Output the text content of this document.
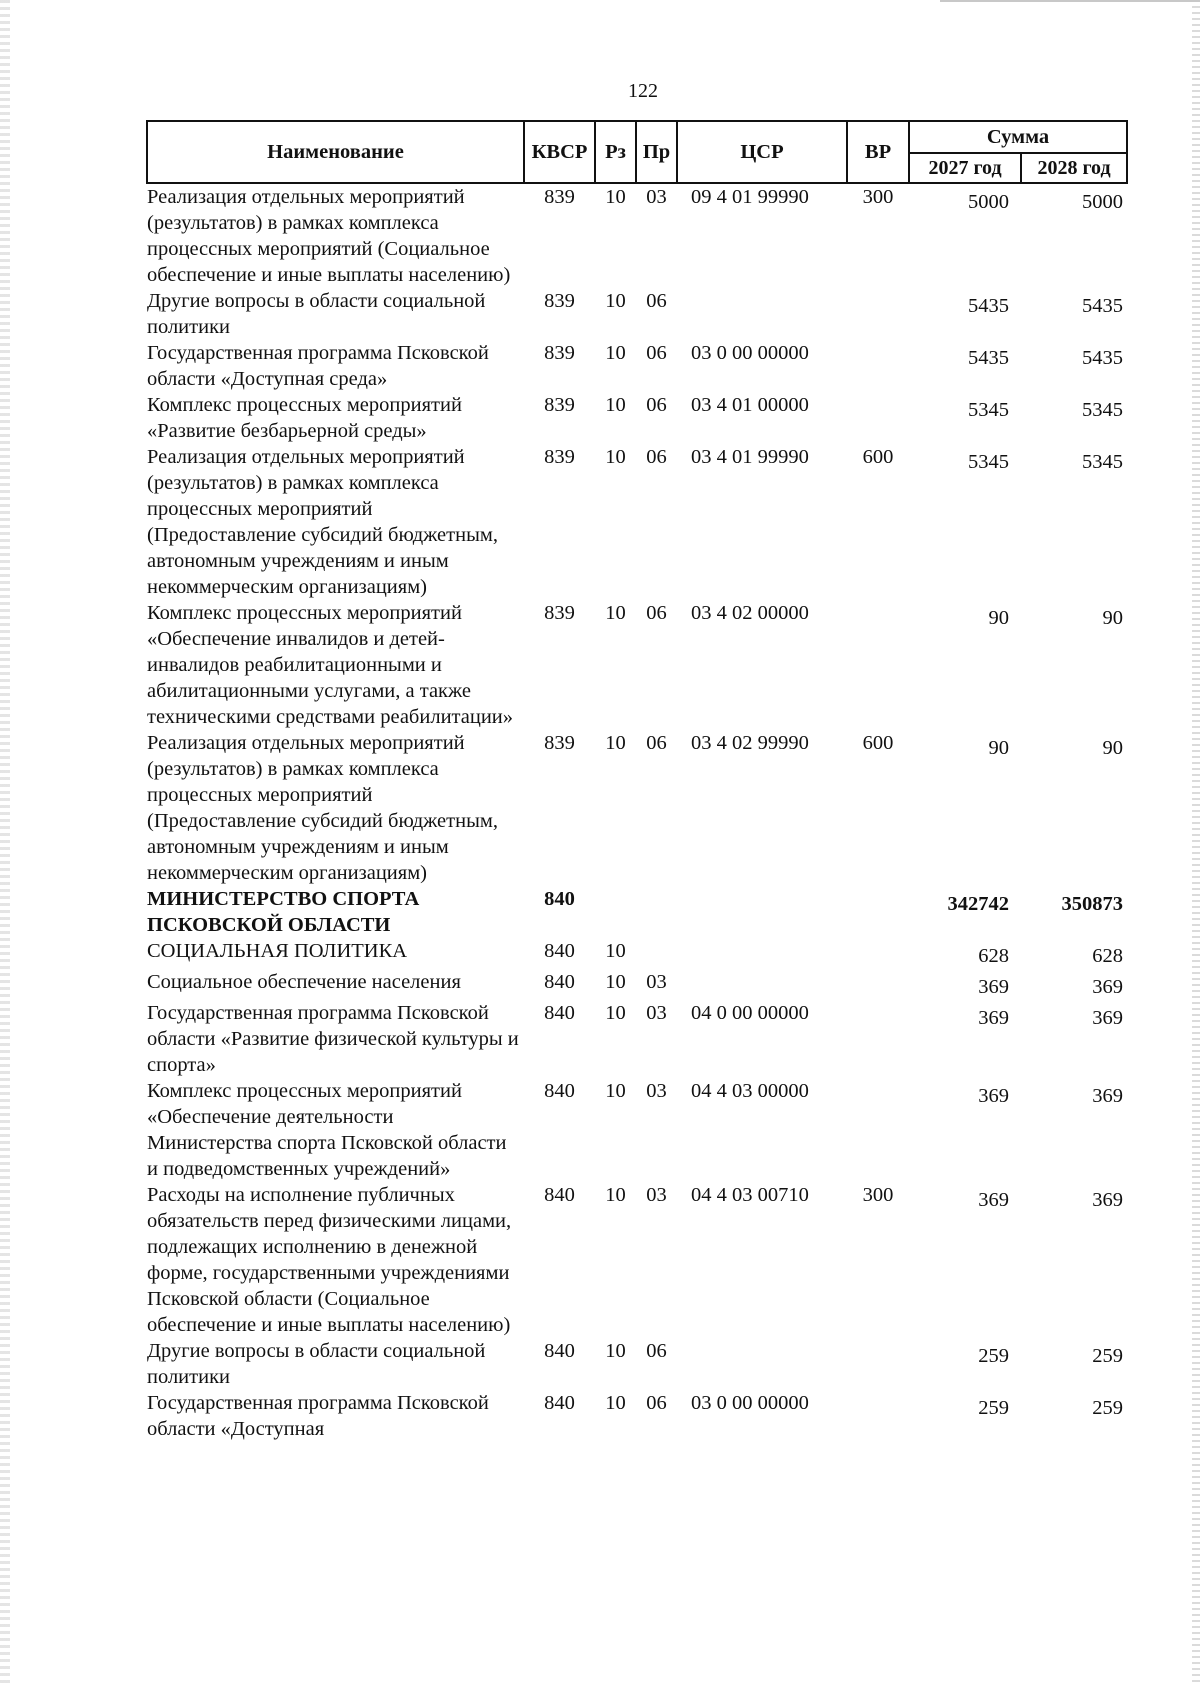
122
Наименование	КВСР	Рз	Пр	ЦСР	ВР	Сумма	
						2027 год	2028 год
Реализация отдельных мероприятий (результатов) в рамках комплекса процессных мероприятий (Социальное обеспечение и иные выплаты населению)	839	10	03	09 4 01 99990	300	5000	5000
Другие вопросы в области социальной политики	839	10	06			5435	5435
Государственная программа Псковской области «Доступная среда»	839	10	06	03 0 00 00000		5435	5435
Комплекс процессных мероприятий «Развитие безбарьерной среды»	839	10	06	03 4 01 00000		5345	5345
Реализация отдельных мероприятий (результатов) в рамках комплекса процессных мероприятий (Предоставление субсидий бюджетным, автономным учреждениям и иным некоммерческим организациям)	839	10	06	03 4 01 99990	600	5345	5345
Комплекс процессных мероприятий «Обеспечение инвалидов и детей-инвалидов реабилитационными и абилитационными услугами, а также техническими средствами реабилитации»	839	10	06	03 4 02 00000		90	90
Реализация отдельных мероприятий (результатов) в рамках комплекса процессных мероприятий (Предоставление субсидий бюджетным, автономным учреждениям и иным некоммерческим организациям)	839	10	06	03 4 02 99990	600	90	90
МИНИСТЕРСТВО СПОРТА ПСКОВСКОЙ ОБЛАСТИ	840					342742	350873
СОЦИАЛЬНАЯ ПОЛИТИКА	840	10				628	628
Социальное обеспечение населения	840	10	03			369	369
Государственная программа Псковской области «Развитие физической культуры и спорта»	840	10	03	04 0 00 00000		369	369
Комплекс процессных мероприятий «Обеспечение деятельности Министерства спорта Псковской области и подведомственных учреждений»	840	10	03	04 4 03 00000		369	369
Расходы на исполнение публичных обязательств перед физическими лицами, подлежащих исполнению в денежной форме, государственными учреждениями Псковской области (Социальное обеспечение и иные выплаты населению)	840	10	03	04 4 03 00710	300	369	369
Другие вопросы в области социальной политики	840	10	06			259	259
Государственная программа Псковской области «Доступная	840	10	06	03 0 00 00000		259	259
